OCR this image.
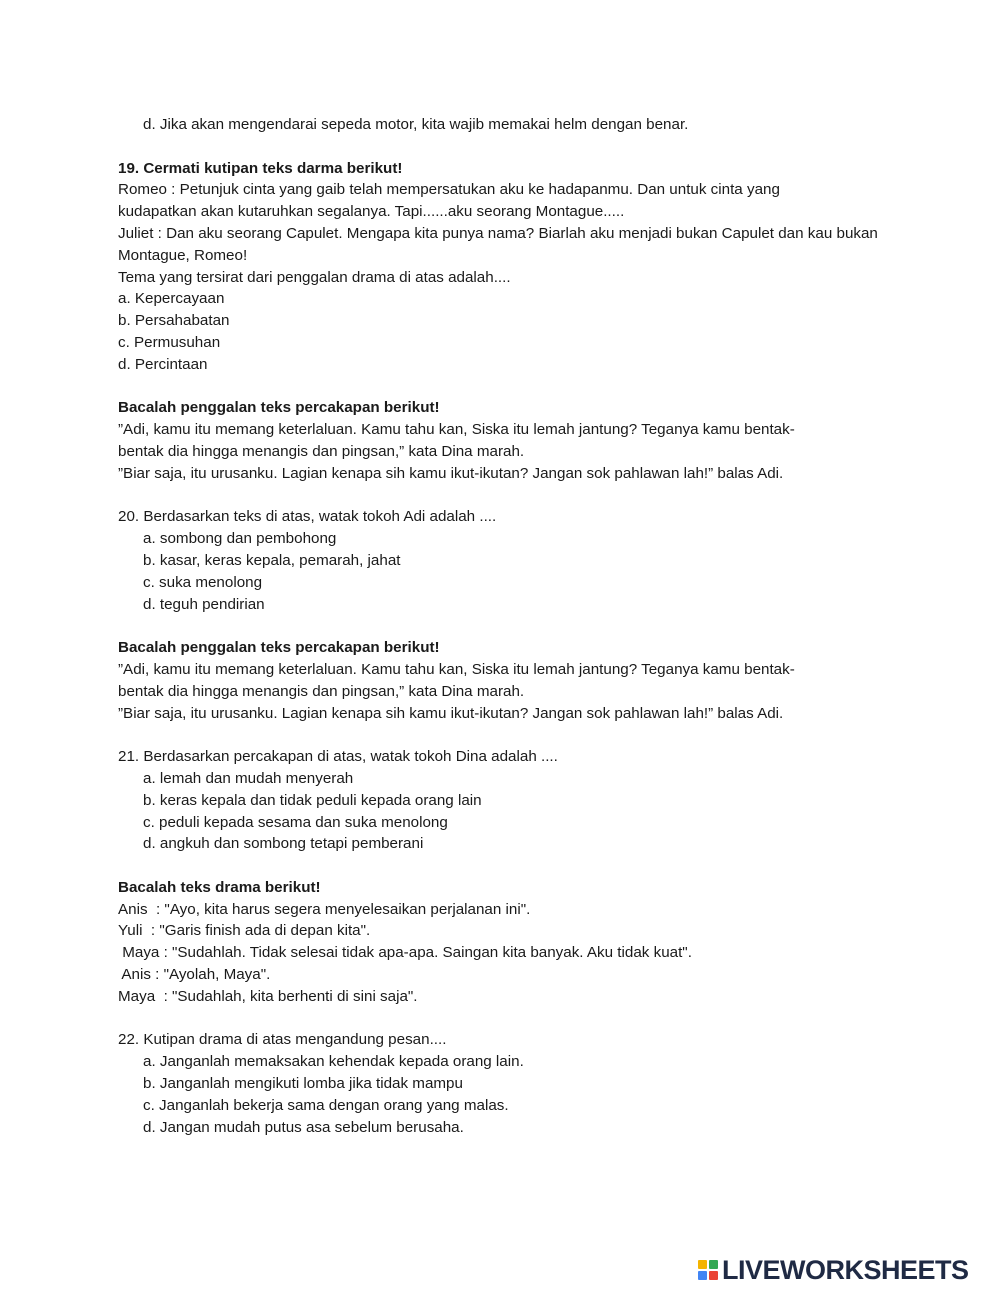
d. Jika akan mengendarai sepeda motor, kita wajib memakai helm dengan benar.
19. Cermati kutipan teks darma berikut!
Romeo : Petunjuk cinta yang gaib telah mempersatukan aku ke hadapanmu. Dan untuk cinta yang kudapatkan akan kutaruhkan segalanya. Tapi......aku seorang Montague.....
Juliet : Dan aku seorang Capulet. Mengapa kita punya nama? Biarlah aku menjadi bukan Capulet dan kau bukan Montague, Romeo!
Tema yang tersirat dari penggalan drama di atas adalah....
a. Kepercayaan
b. Persahabatan
c. Permusuhan
d. Percintaan
Bacalah penggalan teks percakapan berikut!
”Adi, kamu itu memang keterlaluan. Kamu tahu kan, Siska itu lemah jantung? Teganya kamu bentak-
bentak dia hingga menangis dan pingsan,” kata Dina marah.
”Biar saja, itu urusanku. Lagian kenapa sih kamu ikut-ikutan? Jangan sok pahlawan lah!” balas Adi.
20. Berdasarkan teks di atas, watak tokoh Adi adalah ....
a. sombong dan pembohong
b. kasar, keras kepala, pemarah, jahat
c. suka menolong
d. teguh pendirian
Bacalah penggalan teks percakapan berikut!
”Adi, kamu itu memang keterlaluan. Kamu tahu kan, Siska itu lemah jantung? Teganya kamu bentak-
bentak dia hingga menangis dan pingsan,” kata Dina marah.
”Biar saja, itu urusanku. Lagian kenapa sih kamu ikut-ikutan? Jangan sok pahlawan lah!” balas Adi.
21. Berdasarkan percakapan di atas, watak tokoh Dina adalah ....
a. lemah dan mudah menyerah
b. keras kepala dan tidak peduli kepada orang lain
c. peduli kepada sesama dan suka menolong
d. angkuh dan sombong tetapi pemberani
Bacalah teks drama berikut!
Anis  : "Ayo, kita harus segera menyelesaikan perjalanan ini".
Yuli  : "Garis finish ada di depan kita".
Maya : "Sudahlah. Tidak selesai tidak apa-apa. Saingan kita banyak. Aku tidak kuat".
Anis : "Ayolah, Maya".
Maya  : "Sudahlah, kita berhenti di sini saja".
22. Kutipan drama di atas mengandung pesan....
a. Janganlah memaksakan kehendak kepada orang lain.
b. Janganlah mengikuti lomba jika tidak mampu
c. Janganlah bekerja sama dengan orang yang malas.
d. Jangan mudah putus asa sebelum berusaha.
LIVEWORKSHEETS
